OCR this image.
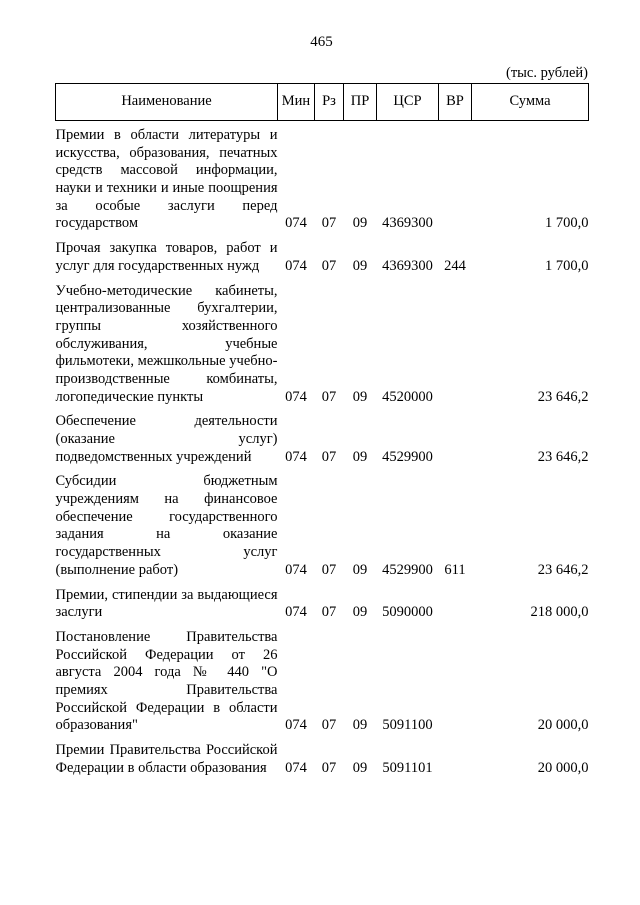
465
(тыс. рублей)
Наименование	Мин	Рз	ПР	ЦСР	ВР	Сумма
Премии в области литературы и искусства, образования, печатных средств массовой информации, науки и техники и иные поощрения за особые заслуги перед государством	074	07	09	4369300		1 700,0
Прочая закупка товаров, работ и услуг для государственных нужд	074	07	09	4369300	244	1 700,0
Учебно-методические кабинеты, централизованные бухгалтерии, группы хозяйственного обслуживания, учебные фильмотеки, межшкольные учебно-производственные комбинаты, логопедические пункты	074	07	09	4520000		23 646,2
Обеспечение деятельности (оказание услуг) подведомственных учреждений	074	07	09	4529900		23 646,2
Субсидии бюджетным учреждениям на финансовое обеспечение государственного задания на оказание государственных услуг (выполнение работ)	074	07	09	4529900	611	23 646,2
Премии, стипендии за выдающиеся заслуги	074	07	09	5090000		218 000,0
Постановление Правительства Российской Федерации от 26 августа 2004 года № 440 "О премиях Правительства Российской Федерации в области образования"	074	07	09	5091100		20 000,0
Премии Правительства Российской Федерации в области образования	074	07	09	5091101		20 000,0
